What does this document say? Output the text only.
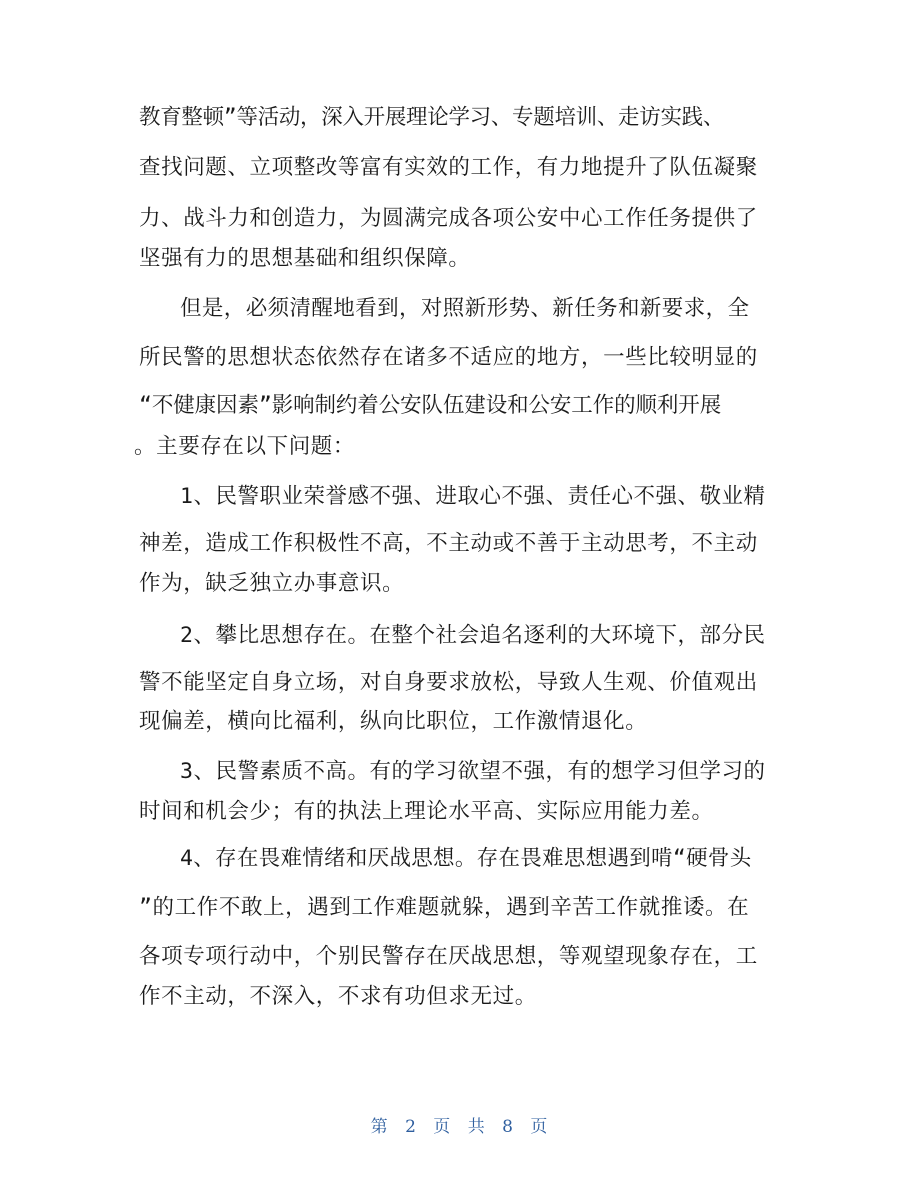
教育整顿”等活动，深入开展理论学习、专题培训、走访实践、
查找问题、立项整改等富有实效的工作，有力地提升了队伍凝聚
力、战斗力和创造力，为圆满完成各项公安中心工作任务提供了
坚强有力的思想基础和组织保障。
但是，必须清醒地看到，对照新形势、新任务和新要求，全
所民警的思想状态依然存在诸多不适应的地方，一些比较明显的
“不健康因素”影响制约着公安队伍建设和公安工作的顺利开展
。主要存在以下问题：
1、民警职业荣誉感不强、进取心不强、责任心不强、敬业精
神差，造成工作积极性不高，不主动或不善于主动思考，不主动
作为，缺乏独立办事意识。
2、攀比思想存在。在整个社会追名逐利的大环境下，部分民
警不能坚定自身立场，对自身要求放松，导致人生观、价值观出
现偏差，横向比福利，纵向比职位，工作激情退化。
3、民警素质不高。有的学习欲望不强，有的想学习但学习的
时间和机会少；有的执法上理论水平高、实际应用能力差。
4、存在畏难情绪和厌战思想。存在畏难思想遇到啃“硬骨头
”的工作不敢上，遇到工作难题就躲，遇到辛苦工作就推诿。在
各项专项行动中，个别民警存在厌战思想，等观望现象存在，工
作不主动，不深入，不求有功但求无过。
第 2 页 共 8 页
